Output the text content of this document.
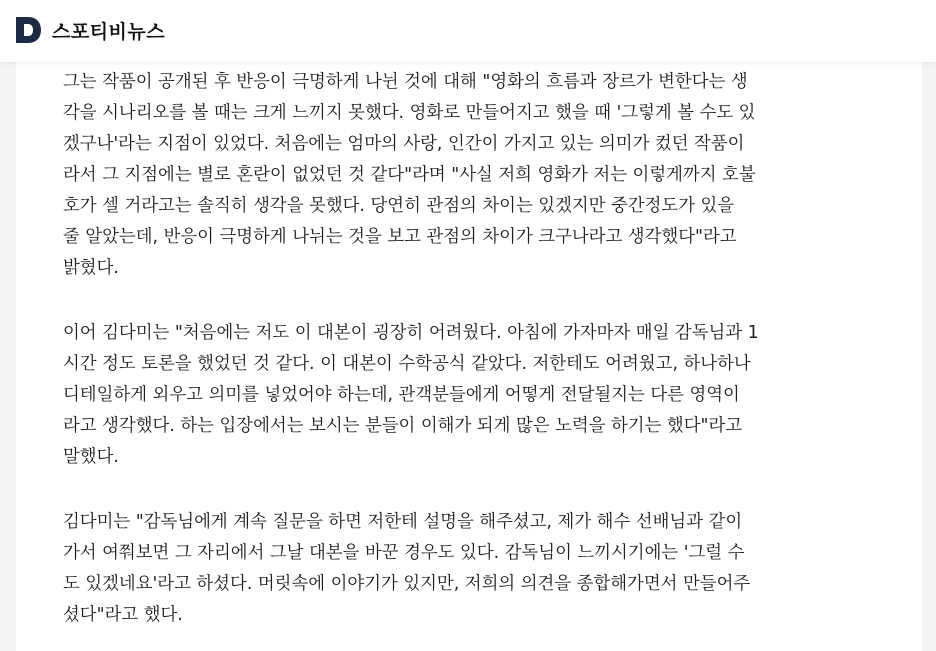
스포티비뉴스

그는 작품이 공개된 후 반응이 극명하게 나뉜 것에 대해 "영화의 흐름과 장르가 변한다는 생
각을 시나리오를 볼 때는 크게 느끼지 못했다. 영화로 만들어지고 했을 때 '그렇게 볼 수도 있
겠구나'라는 지점이 있었다. 처음에는 엄마의 사랑, 인간이 가지고 있는 의미가 컸던 작품이
라서 그 지점에는 별로 혼란이 없었던 것 같다"라며 "사실 저희 영화가 저는 이렇게까지 호불
호가 셀 거라고는 솔직히 생각을 못했다. 당연히 관점의 차이는 있겠지만 중간정도가 있을
줄 알았는데, 반응이 극명하게 나뉘는 것을 보고 관점의 차이가 크구나라고 생각했다"라고
밝혔다.

이어 김다미는 "처음에는 저도 이 대본이 굉장히 어려웠다. 아침에 가자마자 매일 감독님과 1
시간 정도 토론을 했었던 것 같다. 이 대본이 수학공식 같았다. 저한테도 어려웠고, 하나하나
디테일하게 외우고 의미를 넣었어야 하는데, 관객분들에게 어떻게 전달될지는 다른 영역이
라고 생각했다. 하는 입장에서는 보시는 분들이 이해가 되게 많은 노력을 하기는 했다"라고
말했다.

김다미는 "감독님에게 계속 질문을 하면 저한테 설명을 해주셨고, 제가 해수 선배님과 같이
가서 여쭤보면 그 자리에서 그날 대본을 바꾼 경우도 있다. 감독님이 느끼시기에는 '그럴 수
도 있겠네요'라고 하셨다. 머릿속에 이야기가 있지만, 저희의 의견을 종합해가면서 만들어주
셨다"라고 했다.
